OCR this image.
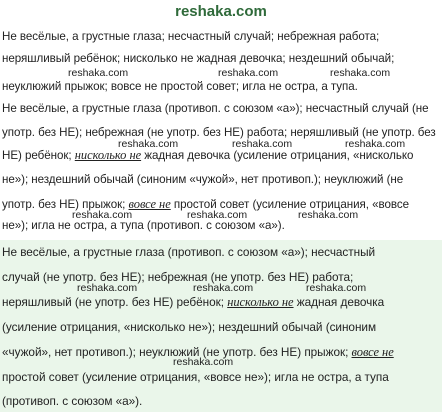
reshaka.com
Не весёлые, а грустные глаза; несчастный случай; небрежная работа;
неряшливый ребёнок; нисколько не жадная девочка; нездешний обычай;
неуклюжий прыжок; вовсе не простой совет; игла не остра, а тупа.
Не весёлые, а грустные глаза (противоп. с союзом «а»); несчастный случай (не
употр. без НЕ); небрежная (не употр. без НЕ) работа; неряшливый (не употр. без
НЕ) ребёнок; нисколько не жадная девочка (усиление отрицания, «нисколько
не»); нездешний обычай (синоним «чужой», нет противоп.); неуклюжий (не
употр. без НЕ) прыжок; вовсе не простой совет (усиление отрицания, «вовсе
не»); игла не остра, а тупа (противоп. с союзом «а»).
Не весёлые, а грустные глаза (противоп. с союзом «а»); несчастный
случай (не употр. без НЕ); небрежная (не употр. без НЕ) работа;
неряшливый (не употр. без НЕ) ребёнок; нисколько не жадная девочка
(усиление отрицания, «нисколько не»); нездешний обычай (синоним
«чужой», нет противоп.); неуклюжий (не употр. без НЕ) прыжок; вовсе не
простой совет (усиление отрицания, «вовсе не»); игла не остра, а тупа
(противоп. с союзом «а»).
reshaka.com	reshaka.com	reshaka.com
reshaka.com	reshaka.com	reshaka.com
reshaka.com	reshaka.com	reshaka.com
reshaka.com	reshaka.com	reshaka.com
reshaka.com
